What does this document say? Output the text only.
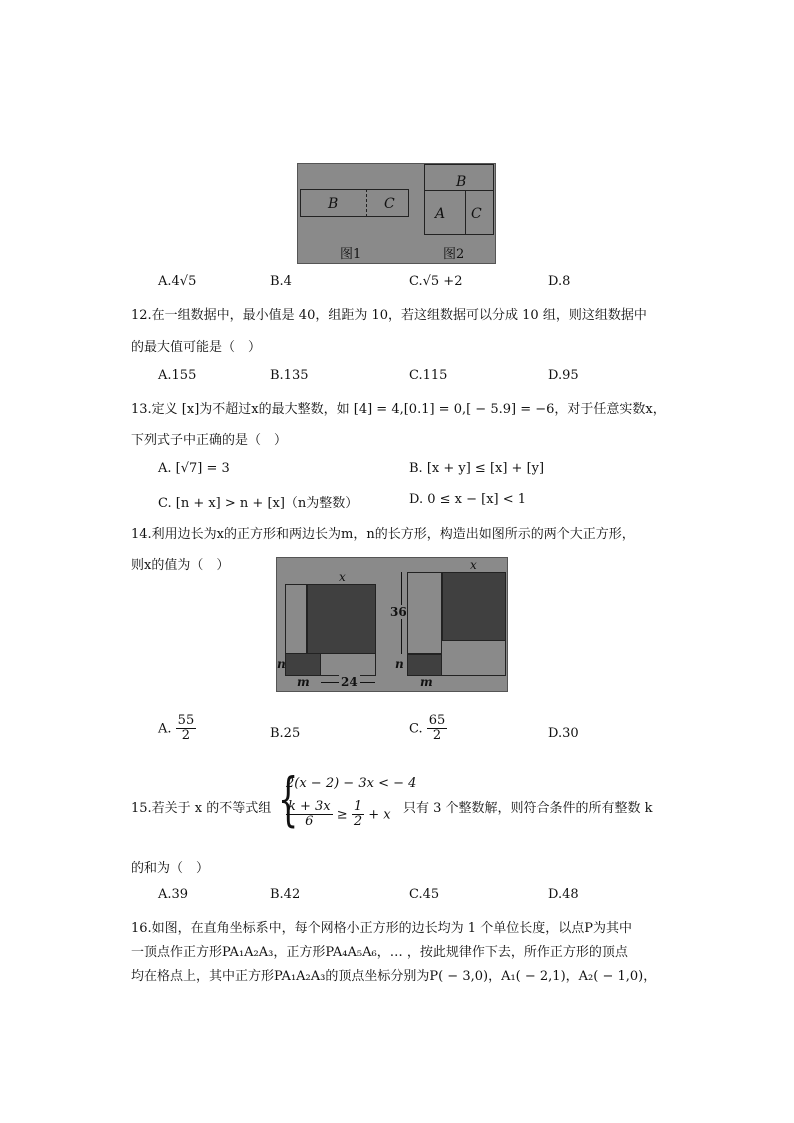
B	C
B
A C
图1	图2
A.4√5	B.4	C.√5 +2	D.8
12.在一组数据中，最小值是 40，组距为 10，若这组数据可以分成 10 组，则这组数据中
的最大值可能是（　）
A.155	B.135	C.115	D.95
13.定义 [x]为不超过x的最大整数，如 [4] = 4,[0.1] = 0,[ − 5.9] = −6，对于任意实数x，
下列式子中正确的是（　）
A. [√7] = 3	B. [x + y] ≤ [x] + [y]
C. [n + x] > n + [x]（n为整数）	D. 0 ≤ x − [x] < 1
14.利用边长为x的正方形和两边长为m，n的长方形，构造出如图所示的两个大正方形，
则x的值为（　）
x
n
m	24
x
n
m
36
A. $\frac{55}{2}$	B.25	C. $\frac{65}{2}$	D.30
15.若关于 x 的不等式组 {
2(x − 2) − 3x < − 4
$\frac{k + 3x}{6} \ge \frac{1}{2} + x$ 只有 3 个整数解，则符合条件的所有整数 k
的和为（　）
A.39	B.42	C.45	D.48
16.如图，在直角坐标系中，每个网格小正方形的边长均为 1 个单位长度，以点P为其中
一顶点作正方形PA₁A₂A₃，正方形PA₄A₅A₆，… ，按此规律作下去，所作正方形的顶点
均在格点上，其中正方形PA₁A₂A₃的顶点坐标分别为P( − 3,0)，A₁( − 2,1)，A₂( − 1,0)，
